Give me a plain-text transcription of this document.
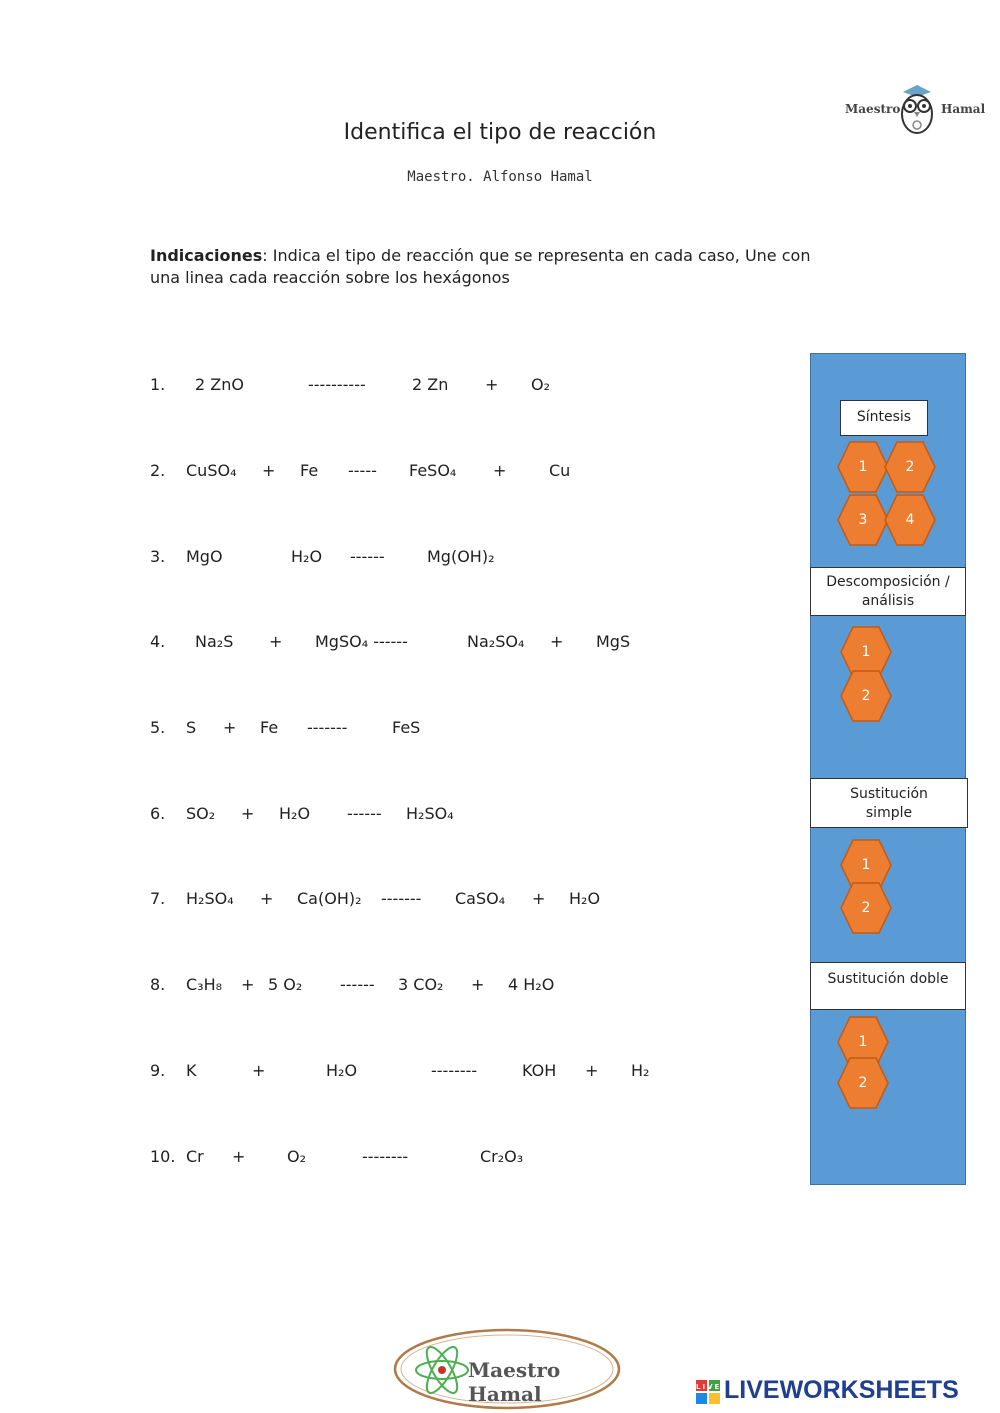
Maestro	Hamal
Identifica el tipo de reacción
Maestro. Alfonso Hamal
Indicaciones: Indica el tipo de reacción que se representa en cada caso, Une con una linea cada reacción sobre los hexágonos
1. 2 ZnO	----------	2 Zn + O₂
2. CuSO₄ + Fe ----- FeSO₄ +	Cu
3. MgO	H₂O ------	Mg(OH)₂
4. Na₂S + MgSO₄ ------	Na₂SO₄ + MgS
5. S + Fe -------	FeS
6. SO₂ + H₂O ------ H₂SO₄
7. H₂SO₄ + Ca(OH)₂ ------- CaSO₄ + H₂O
8. C₃H₈ + 5 O₂ ------ 3 CO₂ + 4 H₂O
9. K	+	H₂O	--------	KOH + H₂
10. Cr +	O₂	--------	Cr₂O₃
Síntesis
Descomposición / análisis
Sustitución simple
Sustitución doble
1	2
3	4
1
2
1
2
1
2
Maestro Hamal	LIVE LIVEWORKSHEETS
